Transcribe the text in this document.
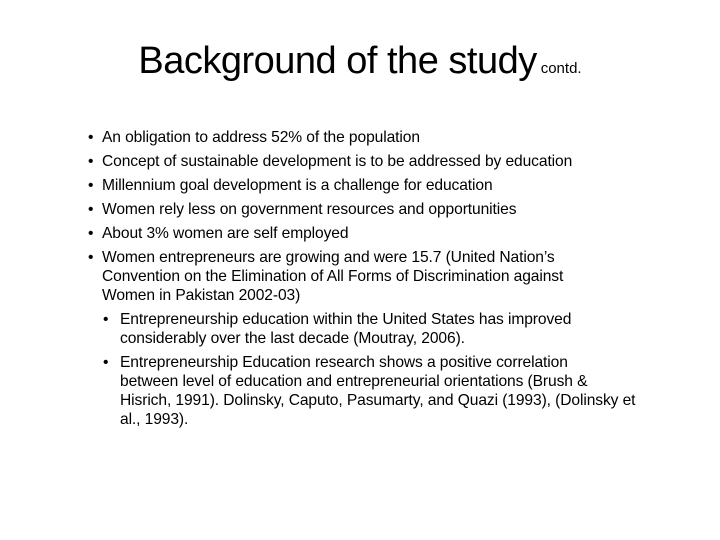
Background of the study contd.
• An obligation to address 52% of the population
• Concept of sustainable development is to be addressed by education
• Millennium goal development is a challenge for education
• Women rely less on government resources and opportunities
• About 3% women are self employed
• Women entrepreneurs are growing and were 15.7 (United Nation’s
Convention on the Elimination of All Forms of Discrimination against
Women in Pakistan 2002-03)
• Entrepreneurship education within the United States has improved
considerably over the last decade (Moutray, 2006).
• Entrepreneurship Education research shows a positive correlation
between level of education and entrepreneurial orientations (Brush &
Hisrich, 1991). Dolinsky, Caputo, Pasumarty, and Quazi (1993), (Dolinsky et
al., 1993).
